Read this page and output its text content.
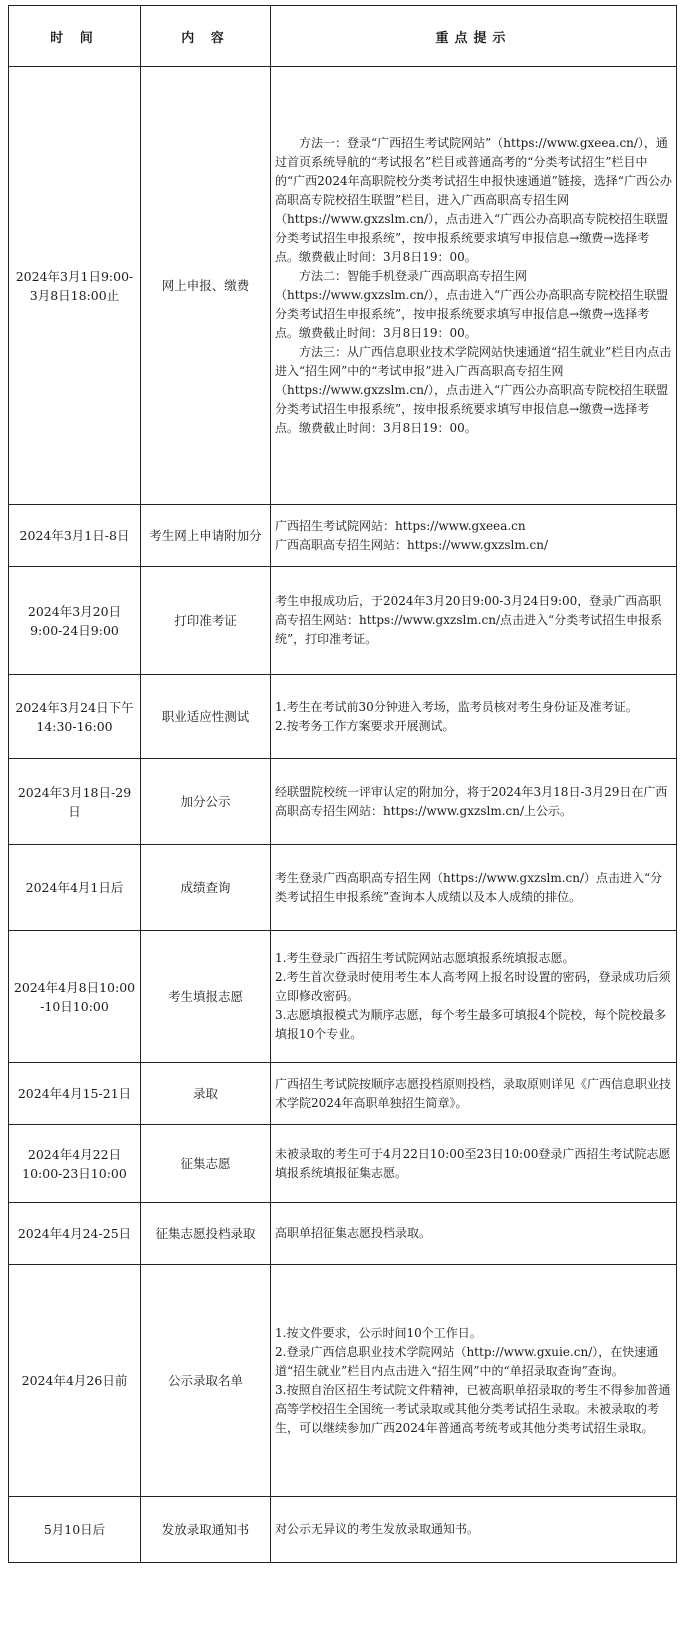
时 间	内 容	重点提示
2024年3月1日9:00-3月8日18:00止	网上申报、缴费	方法一：登录“广西招生考试院网站”（https://www.gxeea.cn/），通过首页系统导航的“考试报名”栏目或普通高考的“分类考试招生”栏目中的“广西2024年高职院校分类考试招生申报快速通道”链接，选择“广西公办高职高专院校招生联盟”栏目，进入广西高职高专招生网（https://www.gxzslm.cn/），点击进入“广西公办高职高专院校招生联盟分类考试招生申报系统”，按申报系统要求填写申报信息→缴费→选择考点。缴费截止时间：3月8日19：00。

方法二：智能手机登录广西高职高专招生网（https://www.gxzslm.cn/），点击进入“广西公办高职高专院校招生联盟分类考试招生申报系统”，按申报系统要求填写申报信息→缴费→选择考点。缴费截止时间：3月8日19：00。

方法三：从广西信息职业技术学院网站快速通道“招生就业”栏目内点击进入“招生网”中的“考试申报”进入广西高职高专招生网（https://www.gxzslm.cn/），点击进入“广西公办高职高专院校招生联盟分类考试招生申报系统”，按申报系统要求填写申报信息→缴费→选择考点。缴费截止时间：3月8日19：00。

2024年3月1日-8日	考生网上申请附加分	广西招生考试院网站：https://www.gxeea.cn

广西高职高专招生网站：https://www.gxzslm.cn/

2024年3月20日9:00-24日9:00	打印准考证	考生申报成功后，于2024年3月20日9:00-3月24日9:00，登录广西高职高专招生网站：https://www.gxzslm.cn/点击进入“分类考试招生申报系统”，打印准考证。

2024年3月24日下午14:30-16:00	职业适应性测试	1.考生在考试前30分钟进入考场，监考员核对考生身份证及准考证。

2.按考务工作方案要求开展测试。

2024年3月18日-29日	加分公示	经联盟院校统一评审认定的附加分，将于2024年3月18日-3月29日在广西高职高专招生网站：https://www.gxzslm.cn/上公示。

2024年4月1日后	成绩查询	考生登录广西高职高专招生网（https://www.gxzslm.cn/）点击进入“分类考试招生申报系统”查询本人成绩以及本人成绩的排位。

2024年4月8日10:00 -10日10:00	考生填报志愿	1.考生登录广西招生考试院网站志愿填报系统填报志愿。

2.考生首次登录时使用考生本人高考网上报名时设置的密码，登录成功后须立即修改密码。

3.志愿填报模式为顺序志愿，每个考生最多可填报4个院校，每个院校最多填报10个专业。

2024年4月15-21日	录取	广西招生考试院按顺序志愿投档原则投档，录取原则详见《广西信息职业技术学院2024年高职单独招生简章》。

2024年4月22日10:00-23日10:00	征集志愿	未被录取的考生可于4月22日10:00至23日10:00登录广西招生考试院志愿填报系统填报征集志愿。

2024年4月24-25日	征集志愿投档录取	高职单招征集志愿投档录取。

2024年4月26日前	公示录取名单	1.按文件要求，公示时间10个工作日。

2.登录广西信息职业技术学院网站（http://www.gxuie.cn/），在快速通道“招生就业”栏目内点击进入“招生网”中的“单招录取查询”查询。

3.按照自治区招生考试院文件精神，已被高职单招录取的考生不得参加普通高等学校招生全国统一考试录取或其他分类考试招生录取。未被录取的考生，可以继续参加广西2024年普通高考统考或其他分类考试招生录取。

5月10日后	发放录取通知书	对公示无异议的考生发放录取通知书。
